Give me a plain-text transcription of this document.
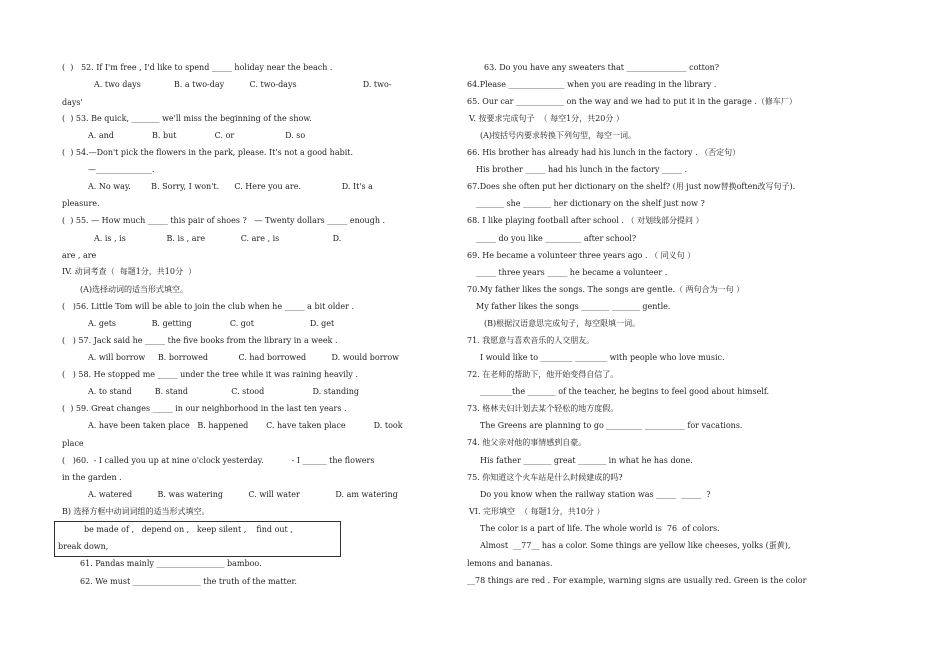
(  )   52. If I'm free , I'd like to spend _____ holiday near the beach .
A. two days             B. a two-day          C. two-days                          D. two-
days'
(  ) 53. Be quick, _______ we'll miss the beginning of the show.
A. and               B. but               C. or                    D. so
(  ) 54.—Don't pick the flowers in the park, please. It's not a good habit.
—______________.
A. No way.        B. Sorry, I won't.      C. Here you are.                D. It's a
pleasure.
(  ) 55. — How much _____ this pair of shoes ?   — Twenty dollars _____ enough .
A. is , is                B. is , are              C. are , is                     D.
are , are
IV. 动词考查（  每题1分，共10分  ）
(A)选择动词的适当形式填空。
(   )56. Little Tom will be able to join the club when he _____ a bit older .
A. gets              B. getting               C. got                      D. get
(   ) 57. Jack said he _____ the five books from the library in a week .
A. will borrow     B. borrowed            C. had borrowed          D. would borrow
(   ) 58. He stopped me _____ under the tree while it was raining heavily .
A. to stand         B. stand                 C. stood                   D. standing
(  ) 59. Great changes _____ in our neighborhood in the last ten years .
A. have been taken place   B. happened       C. have taken place           D. took
place
(   )60.  - I called you up at nine o'clock yesterday.           - I ______ the flowers
in the garden .
A. watered          B. was watering          C. will water              D. am watering
B) 选择方框中动词词组的适当形式填空。
be made of ,   depend on ,   keep silent ,    find out ,
break down,
61. Pandas mainly _________________ bamboo.
62. We must _________________ the truth of the matter.
63. Do you have any sweaters that _______________ cotton?
64.Please ______________ when you are reading in the library .
65. Our car ____________ on the way and we had to put it in the garage .（修车厂）
V. 按要求完成句子  （ 每空1分，共20分 ）
(A)按括号内要求转换下列句型，每空一词。
66. His brother has already had his lunch in the factory . （否定句）
His brother _____ had his lunch in the factory _____ .
67.Does she often put her dictionary on the shelf? (用 just now替换often改写句子).
_______ she _______ her dictionary on the shelf just now ?
68. I like playing football after school . （ 对划线部分提问 ）
_____ do you like _________ after school?
69. He became a volunteer three years ago . （ 同义句 ）
_____ three years _____ he became a volunteer .
70.My father likes the songs. The songs are gentle.（ 两句合为一句 ）
My father likes the songs _______ _______ gentle.
(B)根据汉语意思完成句子，每空限填一词。
71. 我愿意与喜欢音乐的人交朋友。
I would like to ________ ________ with people who love music.
72. 在老师的帮助下，他开始变得自信了。
________the _______ of the teacher, he begins to feel good about himself.
73. 格林夫妇计划去某个轻松的地方度假。
The Greens are planning to go _________ __________ for vacations.
74. 他父亲对他的事情感到自豪。
His father _______ great _______ in what he has done.
75. 你知道这个火车站是什么时候建成的吗?
Do you know when the railway station was _____  _____  ?
VI. 完形填空  （ 每题1分，共10分 ）
The color is a part of life. The whole world is  76  of colors.
Almost  __77__ has a color. Some things are yellow like cheeses, yolks (蛋黄),
lemons and bananas.
__78 things are red . For example, warning signs are usually red. Green is the color
